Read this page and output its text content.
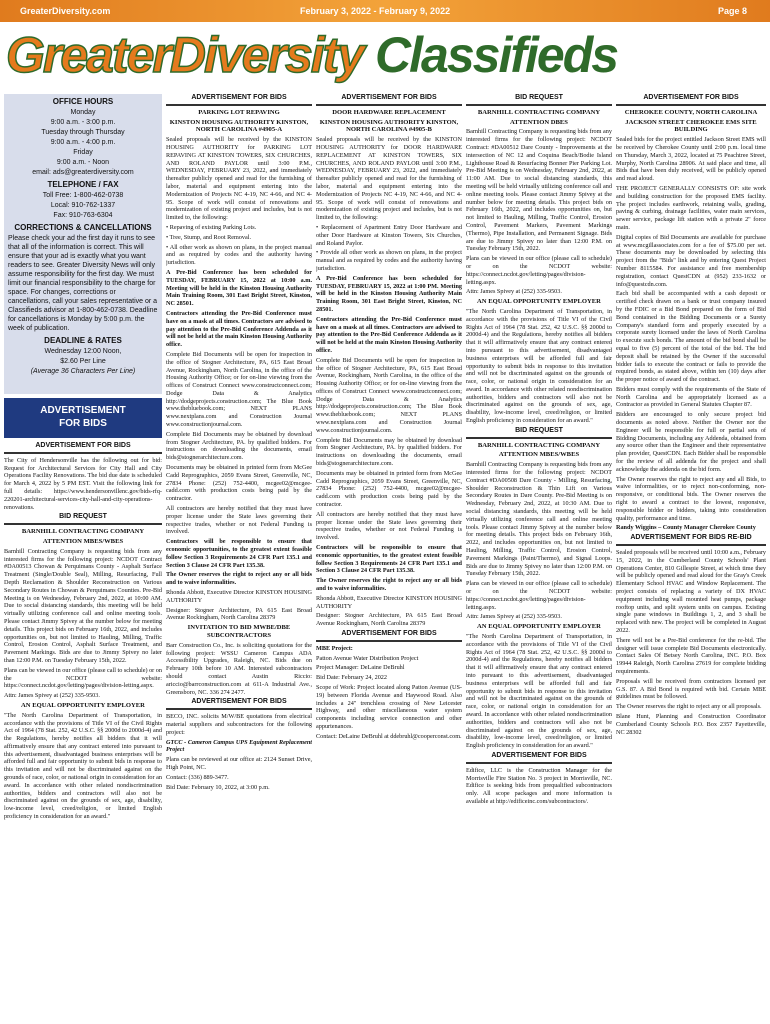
GreaterDiversity.com	February 3, 2022 - February 9, 2022	Page 8
GreaterDiversity Classifieds
OFFICE HOURS

Monday

9:00 a.m. - 3:00 p.m.

Tuesday through Thursday

9:00 a.m. - 4:00 p.m.

Friday

9:00 a.m. - Noon

email: ads@greaterdiversity.com

TELEPHONE / FAX

Toll Free: 1-800-462-0738

Local: 910-762-1337

Fax: 910-763-6304

CORRECTIONS & CANCELLATIONS

Please check your ad the first day it runs to see that all of the information is correct. This will ensure that your ad is exactly what you want readers to see. Greater Diversity News will only assume responsibility for the first day. We must limit our financial responsibility to the charge for space. For changes, corrections or cancellations, call your sales representative or a Classifieds advisor at 1-800-462-0738. Deadline for cancellations is Monday by 5:00 p.m. the week of publication.

DEADLINE & RATES

Wednesday 12:00 Noon,

$2.60 Per Line

(Average 36 Characters Per Line)

ADVERTISEMENT
FOR BIDS
ADVERTISEMENT FOR BIDS

The City of Hendersonville has the following out for bid: Request for Architectural Services for City Hall and City Operations Facility Renovations. The bid due date is scheduled for March 4, 2022 by 5 PM EST. Visit the following link for full details: https://www.hendersonvillenc.gov/bids-rfq-220201-architectural-services-city-hall-and-city-operations-renovations.

BID REQUEST
BARNHILL CONTRACTING COMPANY
ATTENTION MBES/WBES

Barnhill Contracting Company is requesting bids from any interested firms for the following project: NCDOT Contract #DA00513 Chowan & Perquimans County - Asphalt Surface Treatment (Single/Double Seal), Milling, Resurfacing, Full Depth Reclamation & Shoulder Reconstruction on Various Secondary Routes in Chowan & Perquimans Counties. Pre-Bid Meeting is on Wednesday, February 2nd, 2022, at 10:00 AM. Due to social distancing standards, this meeting will be held virtually utilizing conference call and online meeting tools. Please contact Jimmy Spivey at the number below for meeting details. This project bids on February 16th, 2022, and includes opportunities on, but not limited to Hauling, Milling, Traffic Control, Erosion Control, Asphalt Surface Treatment, and Pavement Markings. Bids are due to Jimmy Spivey no later than 12:00 P.M. on Tuesday February 15th, 2022.

Plans can be viewed in our office (please call to schedule) or on the NCDOT website: https://connect.ncdot.gov/letting/pages/division-letting.aspx.

Attn: James Spivey at (252) 335-9503.

AN EQUAL OPPORTUNITY EMPLOYER

"The North Carolina Department of Transportation, in accordance with the provisions of Title VI of the Civil Rights Act of 1964 (78 Stat. 252, 42 U.S.C. §§ 2000d to 2000d-4) and the Regulations, hereby notifies all bidders that it will affirmatively ensure that any contract entered into pursuant to this advertisement, disadvantaged business enterprises will be afforded full and fair opportunity to submit bids in response to this invitation and will not be discriminated against on the grounds of race, color, or national origin in consideration for an award. In accordance with other related nondiscrimination authorities, bidders and contractors will also not be discriminated against on the grounds of sex, age, disability, low-income level, creed/religion, or limited English proficiency in consideration for an award."

ADVERTISEMENT FOR BIDS
PARKING LOT REPAVING
KINSTON HOUSING AUTHORITY KINSTON, NORTH CAROLINA #4905-A

Sealed proposals will be received by the KINSTON HOUSING AUTHORITY for PARKING LOT REPAVING AT KINSTON TOWERS, SIX CHURCHES, AND ROLAND PAYLOR until 3:00 P.M., WEDNESDAY, FEBRUARY 23, 2022, and immediately thereafter publicly opened and read for the furnishing of labor, material and equipment entering into the Modernization of Projects NC 4-19, NC 4-66, and NC 4-95. Scope of work will consist of renovations and modernization of existing project and includes, but is not limited to, the following:

• Repaving of existing Parking Lots.

• Tree, Stump, and Root Removal.

• All other work as shown on plans, in the project manual and as required by codes and the authority having jurisdiction.

A Pre-Bid Conference has been scheduled for TUESDAY, FEBRUARY 15, 2022 at 10:00 a.m. Meeting will be held in the Kinston Housing Authority Main Training Room, 301 East Bright Street, Kinston, NC 28501.

Contractors attending the Pre-Bid Conference must have on a mask at all times. Contractors are advised to pay attention to the Pre-Bid Conference Addenda as it will not be held at the main Kinston Housing Authority office.

Complete Bid Documents will be open for inspection in the office of Stogner Architecture, PA, 615 East Broad Avenue, Rockingham, North Carolina, in the office of the Housing Authority Office; or for on-line viewing from the offices of Construct Connect www.constructconnect.com; Dodge Data & Analytics http://dodgeprojects.construction.com; The Blue Book www.thebluebook.com; NEXT PLANS www.nextplans.com and Construction Journal www.constructionjournal.com.

Complete Bid Documents may be obtained by download from Stogner Architecture, PA. by qualified bidders. For instructions on downloading the documents, email bids@stognerarchitecture.com.

Documents may be obtained in printed form from McGee Cadd Reprographics, 2059 Evans Street, Greenville, NC, 27834 Phone: (252) 752-4400, mcgee02@mcgee-cadd.com with production costs being paid by the contractor.

All contractors are hereby notified that they must have proper license under the State laws governing their respective trades, whether or not Federal Funding is involved.

Contractors will be responsible to ensure that economic opportunities, to the greatest extent feasible follow Section 3 Requirements 24 CFR Part 135.1 and Section 3 Clause 24 CFR Part 135.38.

The Owner reserves the right to reject any or all bids and to waive informalities.

Rhonda Abbott, Executive Director KINSTON HOUSING AUTHORITY

Designer: Stogner Architecture, PA 615 East Broad Avenue Rockingham, North Carolina 28379

INVITATION TO BID MWBE/DBE SUBCONTRACTORS

Barr Construction Co., Inc. is soliciting quotations for the following project: WSSU Cameron Campus ADA Accessibility Upgrades, Raleigh, NC. Bids due on February 10th before 10 AM. Interested subcontractors should contact Austin Riccio: ariccio@barrconstruction.com at 611-A Industrial Ave., Greensboro, NC. 336 274 2477.

ADVERTISEMENT FOR BIDS

BECO, INC. solicits M/W/BE quotations from electrical material suppliers and subcontractors for the following project:

GTCC - Cameron Campus UPS Equipment Replacement Project

Plans can be reviewed at our office at: 2124 Sunset Drive, High Point, NC.

Contact: (336) 889-3477.

Bid Date: February 10, 2022, at 3:00 p.m.

ADVERTISEMENT FOR BIDS
DOOR HARDWARE REPLACEMENT
KINSTON HOUSING AUTHORITY KINSTON, NORTH CAROLINA #4905-B

Sealed proposals will be received by the KINSTON HOUSING AUTHORITY for DOOR HARDWARE REPLACEMENT AT KINSTON TOWERS, SIX CHURCHES, AND ROLAND PAYLOR until 3:00 P.M., WEDNESDAY, FEBRUARY 23, 2022, and immediately thereafter publicly opened and read for the furnishing of labor, material and equipment entering into the Modernization of Projects NC 4-19, NC 4-66, and NC 4-95. Scope of work will consist of renovations and modernization of existing project and includes, but is not limited to, the following:

• Replacement of Apartment Entry Door Hardware and other Door Hardware at Kinston Towers, Six Churches, and Roland Paylor.

• Provide all other work as shown on plans, in the project manual and as required by codes and the authority having jurisdiction.

A Pre-Bid Conference has been scheduled for TUESDAY, FEBRUARY 15, 2022 at 1:00 PM. Meeting will be held in the Kinston Housing Authority Main Training Room, 301 East Bright Street, Kinston, NC 28501.

Contractors attending the Pre-Bid Conference must have on a mask at all times. Contractors are advised to pay attention to the Pre-Bid Conference Addenda as it will not be held at the main Kinston Housing Authority office.

Complete Bid Documents will be open for inspection in the office of Stogner Architecture, PA, 615 East Broad Avenue, Rockingham, North Carolina, in the office of the Housing Authority Office; or for on-line viewing from the offices of Construct Connect www.constructconnect.com; Dodge Data & Analytics http://dodgeprojects.construction.com; The Blue Book www.thebluebook.com; NEXT PLANS www.nextplans.com and Construction Journal www.constructionjournal.com.

Complete Bid Documents may be obtained by download from Stogner Architecture, PA. by qualified bidders. For instructions on downloading the documents, email bids@stognerarchitecture.com.

Documents may be obtained in printed form from McGee Cadd Reprographics, 2059 Evans Street, Greenville, NC, 27834 Phone: (252) 752-4400, mcgee02@mcgee-cadd.com with production costs being paid by the contractor.

All contractors are hereby notified that they must have proper license under the State laws governing their respective trades, whether or not Federal Funding is involved.

Contractors will be responsible to ensure that economic opportunities, to the greatest extent feasible follow Section 3 Requirements 24 CFR Part 135.1 and Section 3 Clause 24 CFR Part 135.38.

The Owner reserves the right to reject any or all bids and to waive informalities.

Rhonda Abbott, Executive Director KINSTON HOUSING AUTHORITY

Designer: Stogner Architecture, PA 615 East Broad Avenue Rockingham, North Carolina 28379

ADVERTISEMENT FOR BIDS

MBE Project:

Patton Avenue Water Distribution Project

Project Manager: DeLaine DeBruhl

Bid Date: February 24, 2022

Scope of Work: Project located along Patton Avenue (US-19) between Florida Avenue and Haywood Road. Also includes a 24" trenchless crossing of New Leicester Highway, and other miscellaneous water system components including service connection and other appurtenances.

Contact: DeLaine DeBruhl at ddebruhl@cooperconst.com.

BID REQUEST
BARNHILL CONTRACTING COMPANY
ATTENTION DBES

Barnhill Contracting Company is requesting bids from any interested firms for the following project: NCDOT Contract: #DA00512 Dare County - Improvements at the intersection of NC 12 and Coquina Beach/Bodie Island Lighthouse Road & Resurfacing Bonner Pier Parking Lot. Pre-Bid Meeting is on Wednesday, February 2nd, 2022, at 11:00 AM. Due to social distancing standards, this meeting will be held virtually utilizing conference call and online meeting tools. Please contact Jimmy Spivey at the number below for meeting details. This project bids on February 16th, 2022, and includes opportunities on, but not limited to Hauling, Milling, Traffic Control, Erosion Control, Pavement Markers, Pavement Markings (Thermo), Pipe Installation, and Permanent Signage. Bids are due to Jimmy Spivey no later than 12:00 P.M. on Tuesday February 15th, 2022.

Plans can be viewed in our office (please call to schedule) or on the NCDOT website: https://connect.ncdot.gov/letting/pages/division-letting.aspx.

Attn: James Spivey at (252) 335-9503.

AN EQUAL OPPORTUNITY EMPLOYER

"The North Carolina Department of Transportation, in accordance with the provisions of Title VI of the Civil Rights Act of 1964 (78 Stat. 252, 42 U.S.C. §§ 2000d to 2000d-4) and the Regulations, hereby notifies all bidders that it will affirmatively ensure that any contract entered into pursuant to this advertisement, disadvantaged business enterprises will be afforded full and fair opportunity to submit bids in response to this invitation and will not be discriminated against on the grounds of race, color, or national origin in consideration for an award. In accordance with other related nondiscrimination authorities, bidders and contractors will also not be discriminated against on the grounds of sex, age, disability, low-income level, creed/religion, or limited English proficiency in consideration for an award."

BID REQUEST
BARNHILL CONTRACTING COMPANY
ATTENTION MBES/WBES

Barnhill Contracting Company is requesting bids from any interested firms for the following project: NCDOT Contract #DA00508 Dare County - Milling, Resurfacing, Shoulder Reconstruction & Thin Lift on Various Secondary Routes in Dare County. Pre-Bid Meeting is on Wednesday, February 2nd, 2022, at 10:30 AM. Due to social distancing standards, this meeting will be held virtually utilizing conference call and online meeting tools. Please contact Jimmy Spivey at the number below for meeting details. This project bids on February 16th, 2022, and includes opportunities on, but not limited to Hauling, Milling, Traffic Control, Erosion Control, Pavement Markings (Paint/Thermo), and Signal Loops. Bids are due to Jimmy Spivey no later than 12:00 P.M. on Tuesday February 15th, 2022.

Plans can be viewed in our office (please call to schedule) or on the NCDOT website: https://connect.ncdot.gov/letting/pages/division-letting.aspx.

Attn: James Spivey at (252) 335-9503.

AN EQUAL OPPORTUNITY EMPLOYER

"The North Carolina Department of Transportation, in accordance with the provisions of Title VI of the Civil Rights Act of 1964 (78 Stat. 252, 42 U.S.C. §§ 2000d to 2000d-4) and the Regulations, hereby notifies all bidders that it will affirmatively ensure that any contract entered into pursuant to this advertisement, disadvantaged business enterprises will be afforded full and fair opportunity to submit bids in response to this invitation and will not be discriminated against on the grounds of race, color, or national origin in consideration for an award. In accordance with other related nondiscrimination authorities, bidders and contractors will also not be discriminated against on the grounds of sex, age, disability, low-income level, creed/religion, or limited English proficiency in consideration for an award."

ADVERTISEMENT FOR BIDS

Edifice, LLC is the Construction Manager for the Morrisville Fire Station No. 3 project in Morrisville, NC. Edifice is seeking bids from prequalified subcontractors only. All scope packages and more information is available at http://edificeinc.com/subcontractors/.

ADVERTISEMENT FOR BIDS
CHEROKEE COUNTY, NORTH CAROLINA
JACKSON STREET CHEROKEE EMS SITE BUILDING

Sealed bids for the project entitled Jackson Street EMS will be received by Cherokee County until 2:00 p.m. local time on Thursday, March 3, 2022, located at 75 Peachtree Street, Murphy, North Carolina 28906. At said place and time, all Bids that have been duly received, will be publicly opened and read aloud.

THE PROJECT GENERALLY CONSISTS OF: site work and building construction for the proposed EMS facility. The project includes earthwork, retaining walls, grading, paving & curbing, drainage facilities, water main services, sewer service, package lift station with a private 2" force main.

Digital copies of Bid Documents are available for purchase at www.mcgillassociates.com for a fee of $75.00 per set. These documents may be downloaded by selecting this project from the "Bids" link and by entering Quest Project Number 8115584. For assistance and free membership registration, contact QuestCDN at (952) 233-1632 or info@questcdn.com.

Each bid shall be accompanied with a cash deposit or certified check drawn on a bank or trust company insured by the FDIC or a Bid Bond prepared on the form of Bid Bond contained in the Bidding Documents or a Surety Company's standard form and properly executed by a corporate surety licensed under the laws of North Carolina to execute such bonds. The amount of the bid bond shall be equal to five (5) percent of the total of the bid. The bid deposit shall be retained by the Owner if the successful bidder fails to execute the contract or fails to provide the required bonds, as stated above, within ten (10) days after the proper notice of award of the contract.

Bidders must comply with the requirements of the State of North Carolina and be appropriately licensed as a Contractor as provided in General Statutes Chapter 87.

Bidders are encouraged to only secure project bid documents as noted above. Neither the Owner nor the Engineer will be responsible for full or partial sets of Bidding Documents, including any Addenda, obtained from any source other than the Engineer and their representative plan provider, QuestCDN. Each Bidder shall be responsible for the review of all addenda for the project and shall acknowledge the addenda on the bid form.

The Owner reserves the right to reject any and all Bids, to waive informalities, or to reject non-conforming, non-responsive, or conditional bids. The Owner reserves the right to award a contract to the lowest, responsive, responsible bidder or bidders, taking into consideration quality, performance and time.

Randy Wiggins – County Manager Cherokee County

ADVERTISEMENT FOR BIDS RE-BID

Sealed proposals will be received until 10:00 a.m., February 15, 2022, in the Cumberland County Schools' Plant Operations Center, 810 Gillespie Street, at which time they will be publicly opened and read aloud for the Gray's Creek Elementary School HVAC and Window Replacement. The project consists of replacing a variety of DX HVAC equipment including wall mounted heat pumps, package rooftop units, and split system units on campus. Existing single pane windows in Buildings 1, 2, and 3 shall be replaced with new. The project will be completed in August 2022.

There will not be a Pre-Bid conference for the re-bid. The designer will issue complete Bid Documents electronically. Contact Sales Of Betsey North Carolina, INC. P.O. Box 19944 Raleigh, North Carolina 27619 for complete bidding requirements.

Proposals will be received from contractors licensed per G.S. 87. A Bid Bond is required with bid. Certain MBE guidelines must be followed.

The Owner reserves the right to reject any or all proposals.

Blane Hunt, Planning and Construction Coordinator Cumberland County Schools P.O. Box 2357 Fayetteville, NC 28302
